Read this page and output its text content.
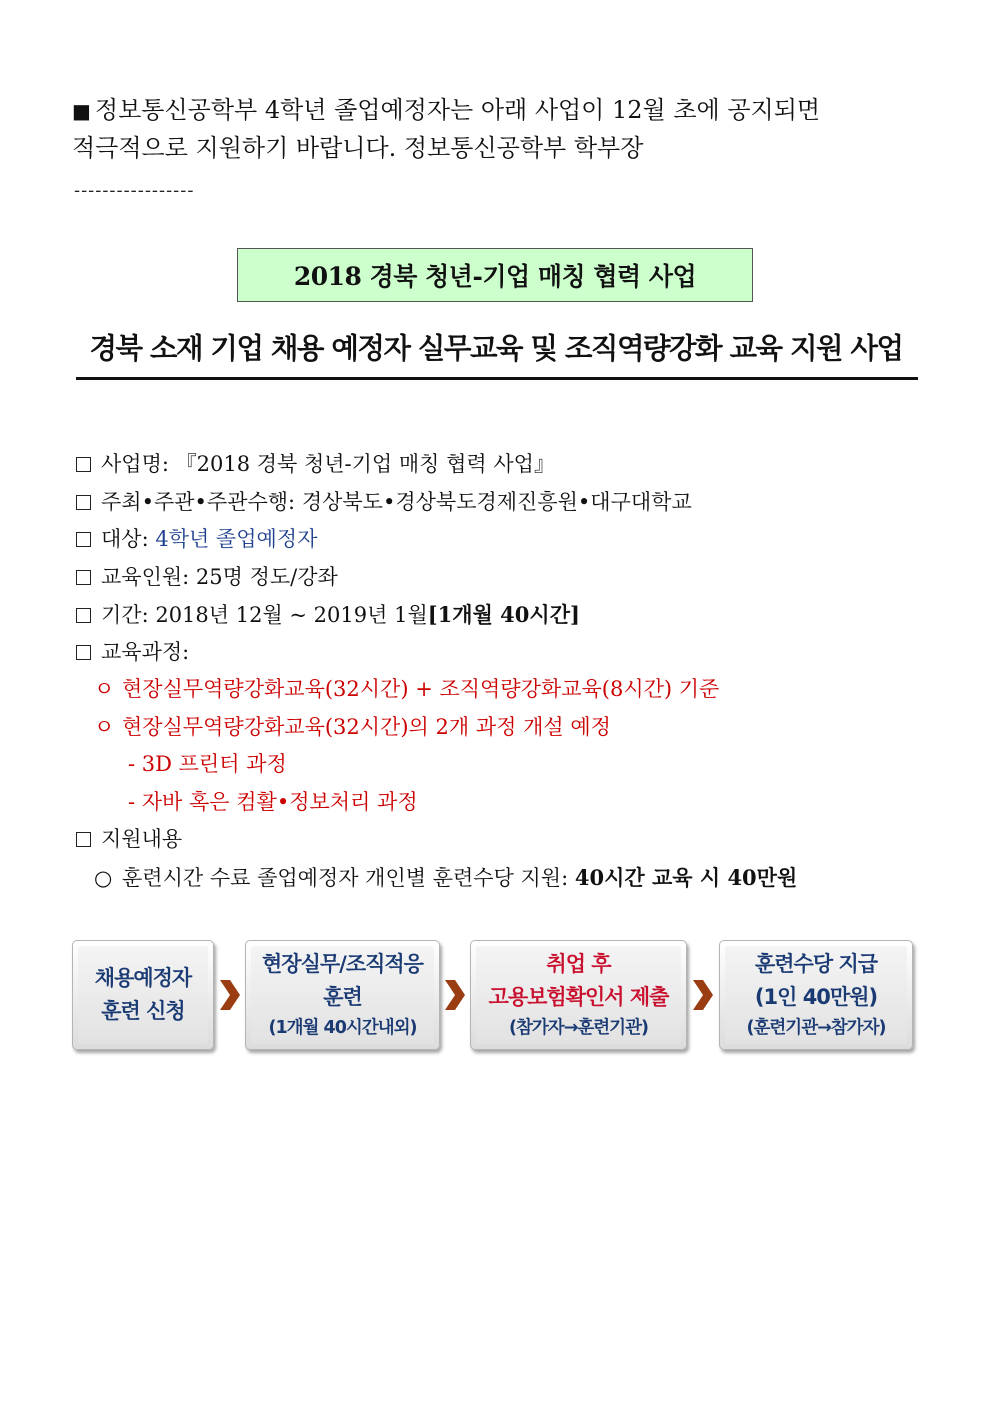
■ 정보통신공학부 4학년 졸업예정자는 아래 사업이 12월 초에 공지되면
적극적으로 지원하기 바랍니다. 정보통신공학부 학부장
-----------------
2018 경북 청년-기업 매칭 협력 사업
경북 소재 기업 채용 예정자 실무교육 및 조직역량강화 교육 지원 사업
사업명: 『2018 경북 청년-기업 매칭 협력 사업』
주최•주관•주관수행: 경상북도•경상북도경제진흥원•대구대학교
대상: 4학년 졸업예정자
교육인원: 25명 정도/강좌
기간: 2018년 12월 ~ 2019년 1월[1개월 40시간]
교육과정:
ㅇ 현장실무역량강화교육(32시간) + 조직역량강화교육(8시간) 기준
ㅇ 현장실무역량강화교육(32시간)의 2개 과정 개설 예정
- 3D 프린터 과정
- 자바 혹은 컴활•정보처리 과정
지원내용
○ 훈련시간 수료 졸업예정자 개인별 훈련수당 지원: 40시간 교육 시 40만원
채용예정자
훈련 신청
현장실무/조직적응
훈련
(1개월 40시간내외)
취업 후
고용보험확인서 제출
(참가자→훈련기관)
훈련수당 지급
(1인 40만원)
(훈련기관→참가자)
